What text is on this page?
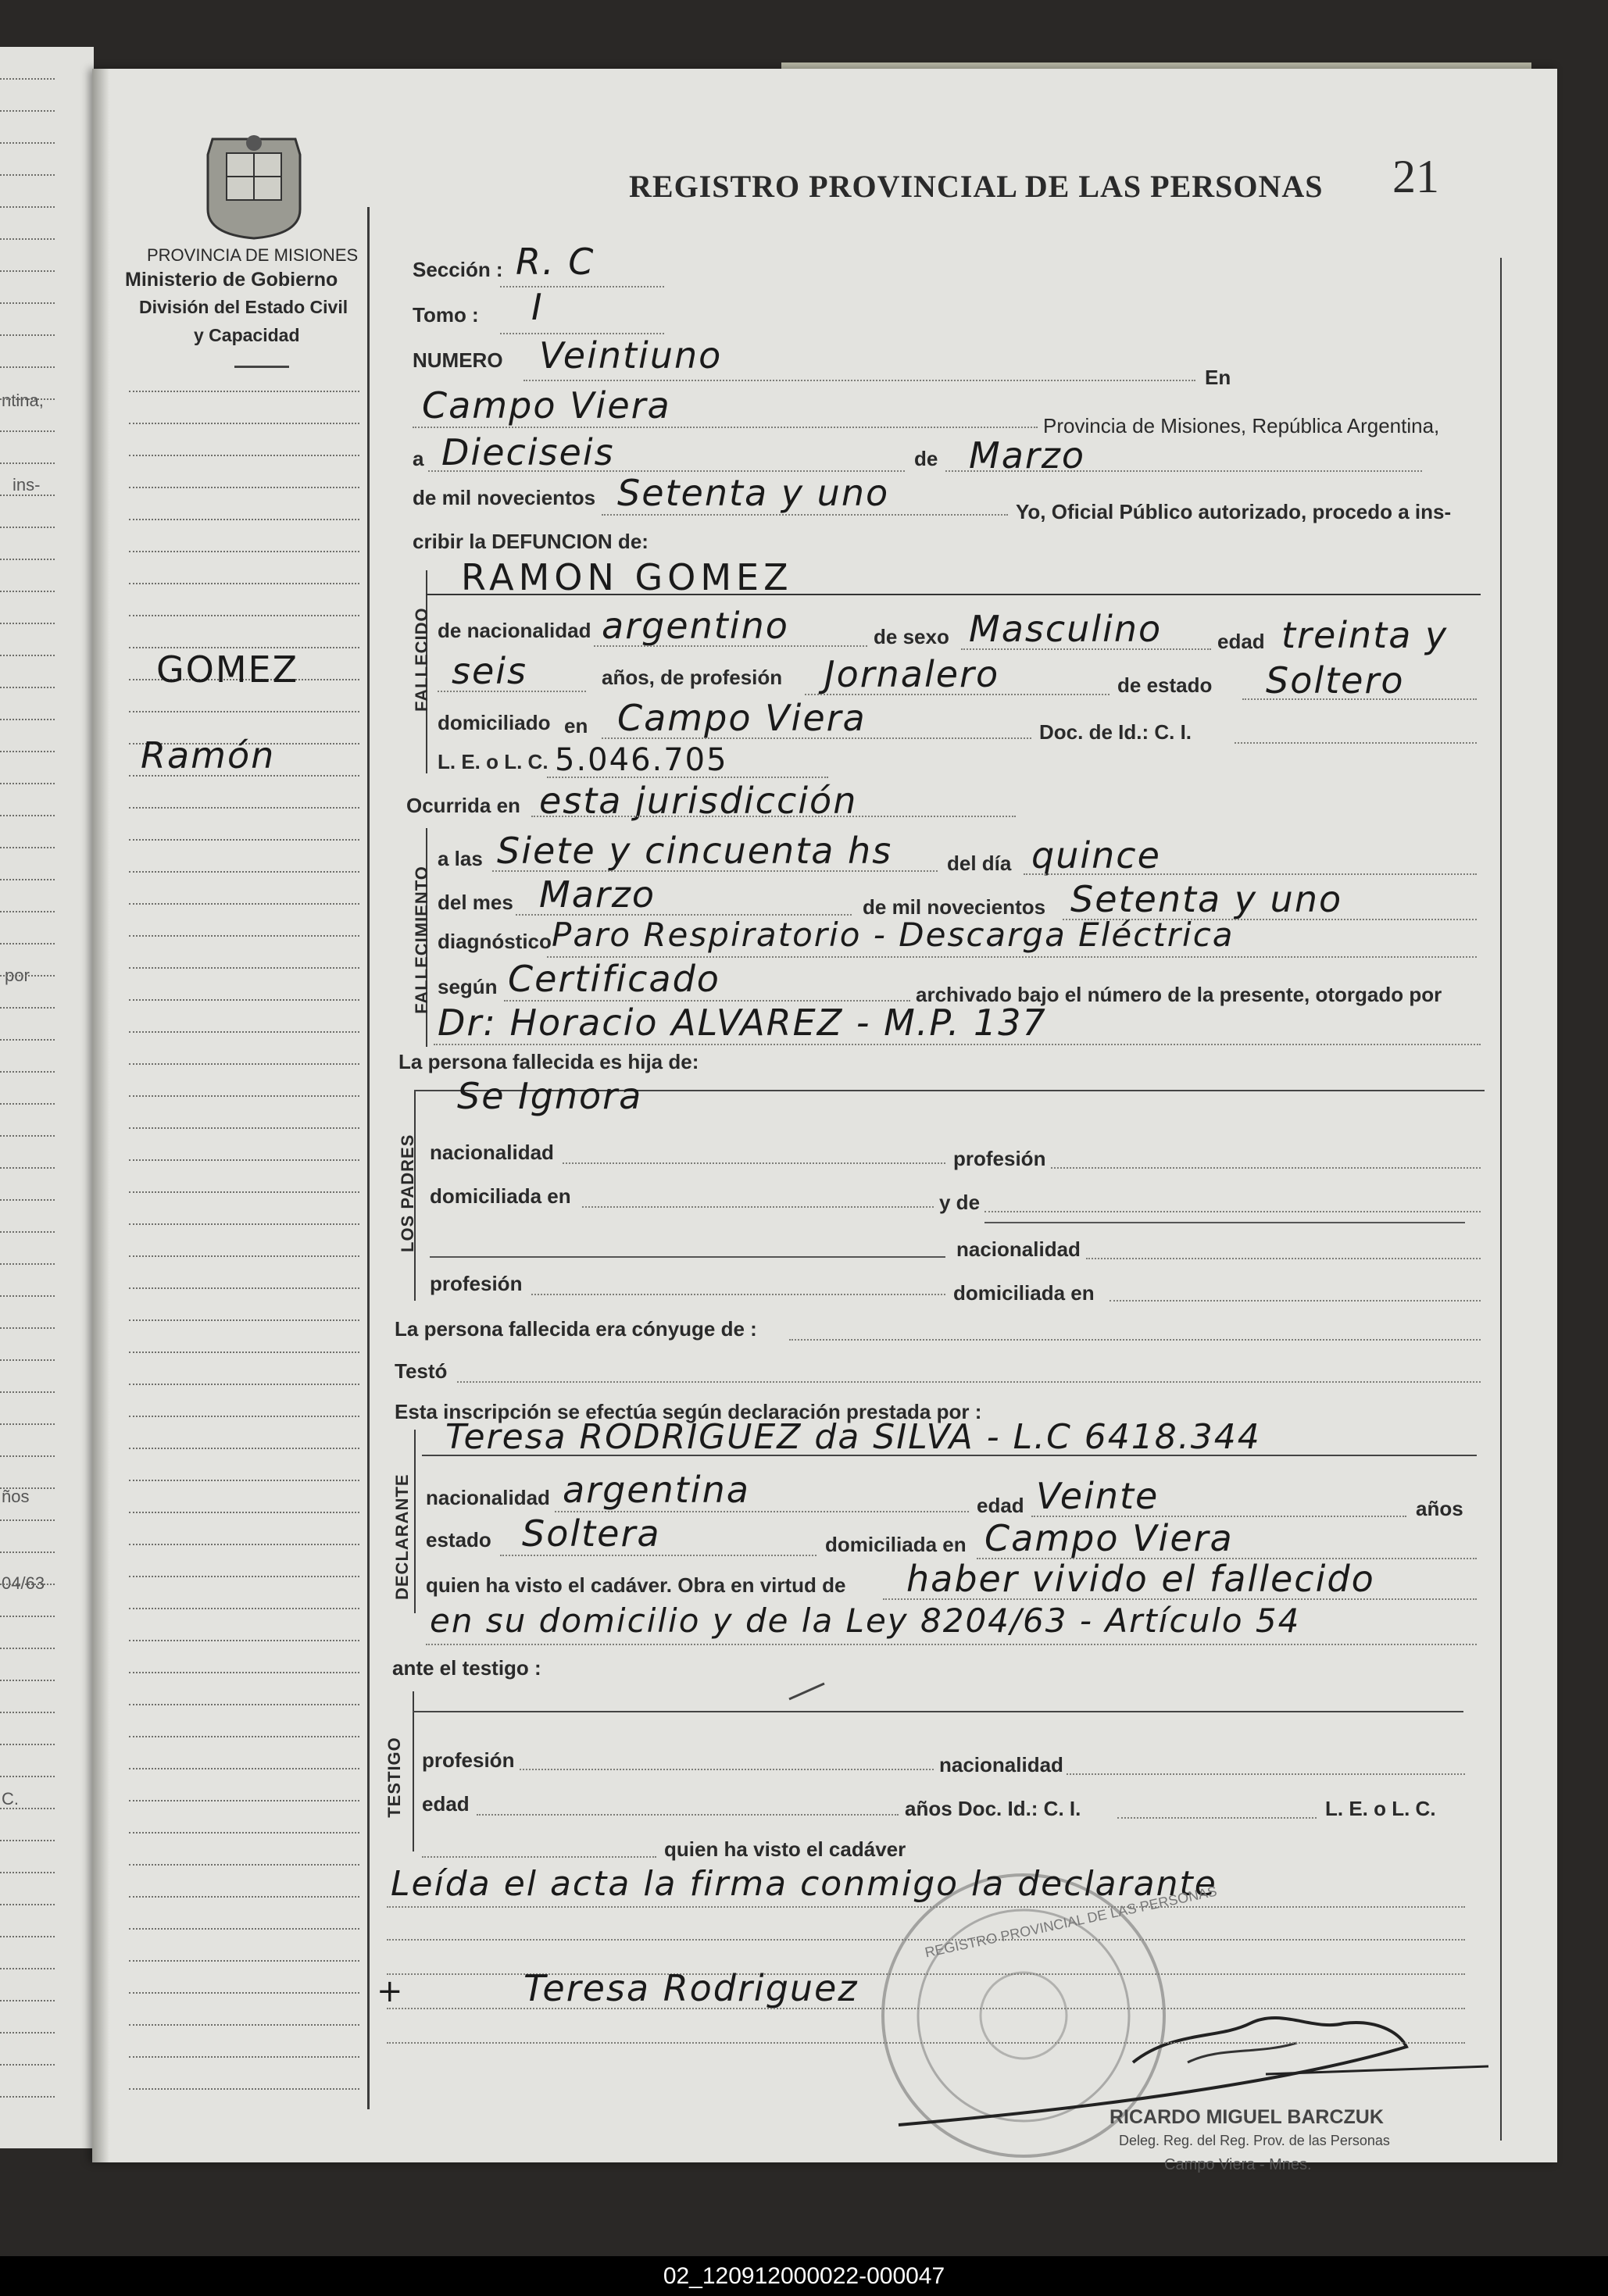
ntina,
ins-
por
ños
04/63
C.
REGISTRO PROVINCIAL DE LAS PERSONAS 21
PROVINCIA DE MISIONES
Ministerio de Gobierno
División del Estado Civil
y Capacidad
GOMEZ
Ramón
Sección : R. C
Tomo : I
NUMERO Veintiuno
En
Campo Viera	Provincia de Misiones, República Argentina,
a Dieciseis	de Marzo
de mil novecientos Setenta y uno	Yo, Oficial Público autorizado, procedo a ins-
cribir la DEFUNCION de:
FALLECIDO
RAMON GOMEZ
de nacionalidad argentino	de sexo Masculino	edad treinta y
seis	años, de profesión Jornalero	de estado Soltero
domiciliado en Campo Viera	Doc. de Id.: C. I.
L. E. o L. C. 5.046.705
Ocurrida en esta jurisdicción
FALLECIMIENTO
a las Siete y cincuenta hs	del día quince
del mes Marzo	de mil novecientos Setenta y uno
diagnóstico Paro Respiratorio - Descarga Eléctrica
según Certificado	archivado bajo el número de la presente, otorgado por
Dr: Horacio ALVAREZ - M.P. 137
La persona fallecida es hija de:
LOS PADRES
Se Ignora
nacionalidad	profesión
domiciliada en	y de
nacionalidad
profesión	domiciliada en
La persona fallecida era cónyuge de :
Testó
Esta inscripción se efectúa según declaración prestada por :
DECLARANTE
Teresa RODRIGUEZ da SILVA - L.C 6418.344
nacionalidad argentina	edad Veinte	años
estado Soltera	domiciliada en Campo Viera
quien ha visto el cadáver. Obra en virtud de haber vivido el fallecido
en su domicilio y de la Ley 8204/63 - Artículo 54
ante el testigo :
TESTIGO profesión	nacionalidad
edad	años Doc. Id.: C. I.	L. E. o L. C.
quien ha visto el cadáver
Leída el acta la firma conmigo la declarante
+	Teresa Rodriguez
REGISTRO PROVINCIAL DE LAS PERSONAS
RICARDO MIGUEL BARCZUK
Deleg. Reg. del Reg. Prov. de las Personas
Campo Viera - Mnes.
02_120912000022-000047
